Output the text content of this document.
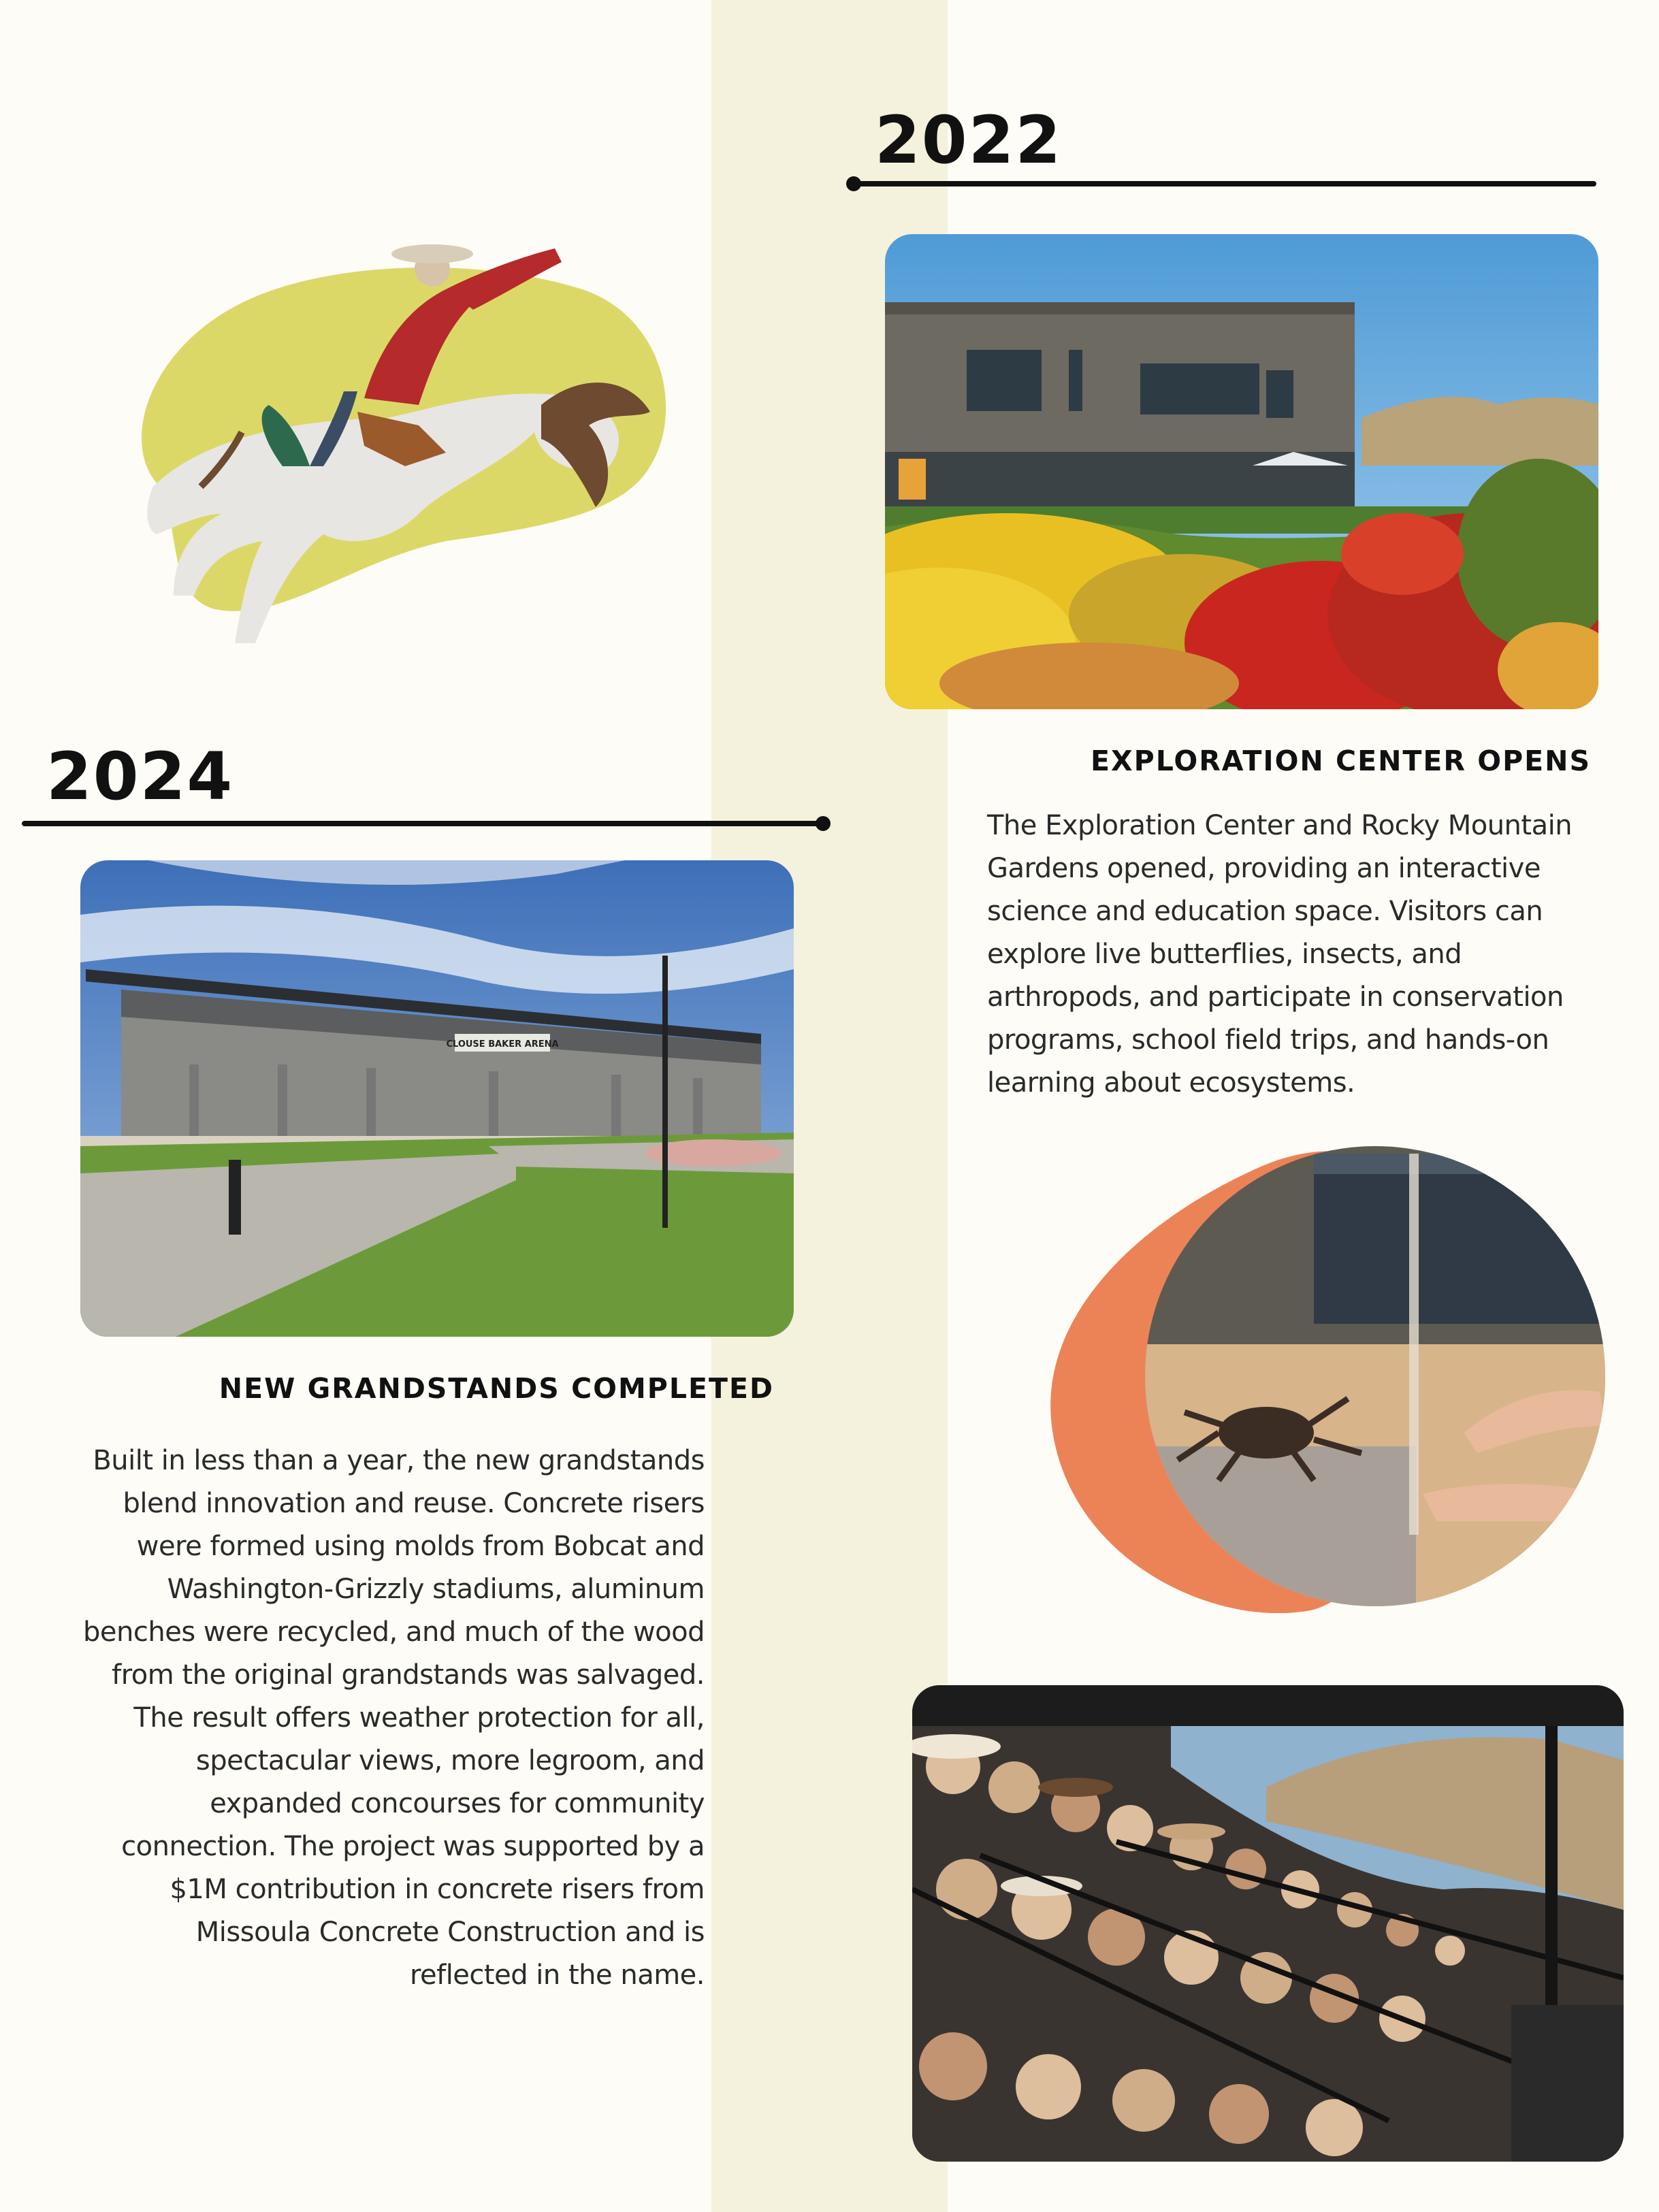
2022
EXPLORATION CENTER OPENS

The Exploration Center and Rocky Mountain Gardens opened, providing an interactive science and education space. Visitors can explore live butterflies, insects, and arthropods, and participate in conservation programs, school field trips, and hands-on learning about ecosystems.

2024
CLOUSE BAKER ARENA
NEW GRANDSTANDS COMPLETED

Built in less than a year, the new grandstands blend innovation and reuse. Concrete risers were formed using molds from Bobcat and Washington-Grizzly stadiums, aluminum benches were recycled, and much of the wood from the original grandstands was salvaged. The result offers weather protection for all, spectacular views, more legroom, and expanded concourses for community connection. The project was supported by a $1M contribution in concrete risers from Missoula Concrete Construction and is reflected in the name.
